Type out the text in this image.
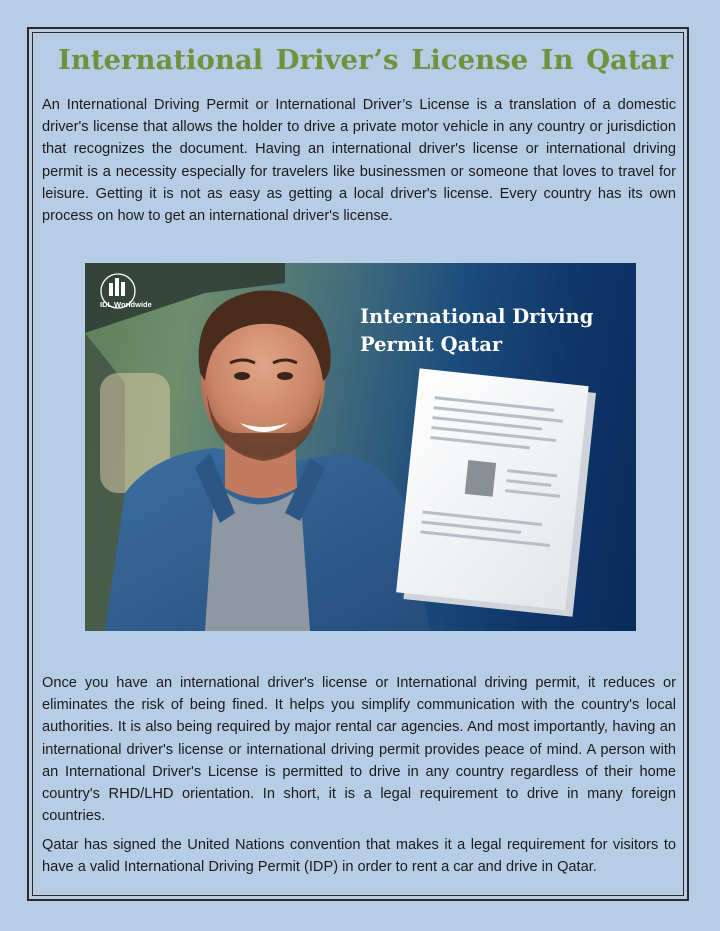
International Driver’s License In Qatar

An International Driving Permit or International Driver’s License is a translation of a domestic driver's license that allows the holder to drive a private motor vehicle in any country or jurisdiction that recognizes the document. Having an international driver's license or international driving permit is a necessity especially for travelers like businessmen or someone that loves to travel for leisure. Getting it is not as easy as getting a local driver's license. Every country has its own process on how to get an international driver's license.

IDL Worldwide
International Driving
Permit Qatar

Once you have an international driver's license or International driving permit, it reduces or eliminates the risk of being fined. It helps you simplify communication with the country's local authorities. It is also being required by major rental car agencies. And most importantly, having an international driver's license or international driving permit provides peace of mind. A person with an International Driver's License is permitted to drive in any country regardless of their home country's RHD/LHD orientation. In short, it is a legal requirement to drive in many foreign countries.

Qatar has signed the United Nations convention that makes it a legal requirement for visitors to have a valid International Driving Permit (IDP) in order to rent a car and drive in Qatar.
